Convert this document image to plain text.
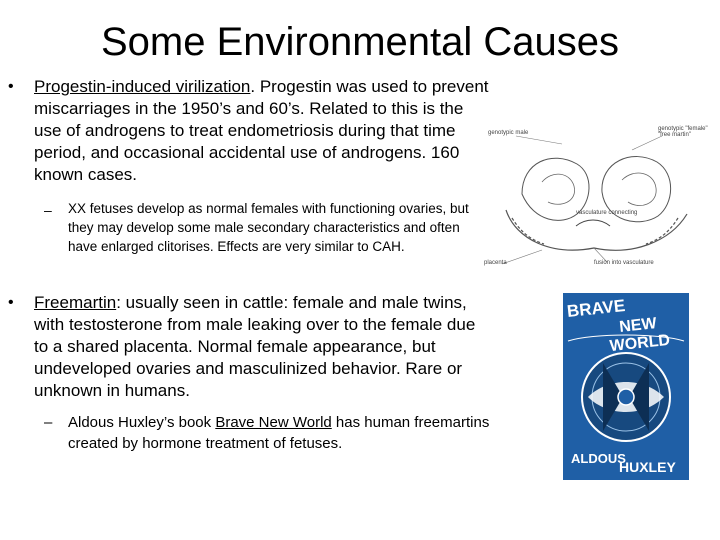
Some Environmental Causes
• Progestin-induced virilization. Progestin was used to prevent miscarriages in the 1950’s and 60’s. Related to this is the use of androgens to treat endometriosis during that time period, and occasional accidental use of androgens. 160 known cases.
– XX fetuses develop as normal females with functioning ovaries, but they may develop some male secondary characteristics and often have enlarged clitorises. Effects are very similar to CAH.
• Freemartin: usually seen in cattle: female and male twins, with testosterone from male leaking over to the female due to a shared placenta. Normal female appearance, but undeveloped ovaries and masculinized behavior. Rare or unknown in humans.
– Aldous Huxley’s book Brave New World has human freemartins created by hormone treatment of fetuses.
genotypic male
genotypic "female" "free martin"
vasculature connecting
placenta	fusion into vasculature
BRAVE
NEW WORLD
ALDOUS
HUXLEY
